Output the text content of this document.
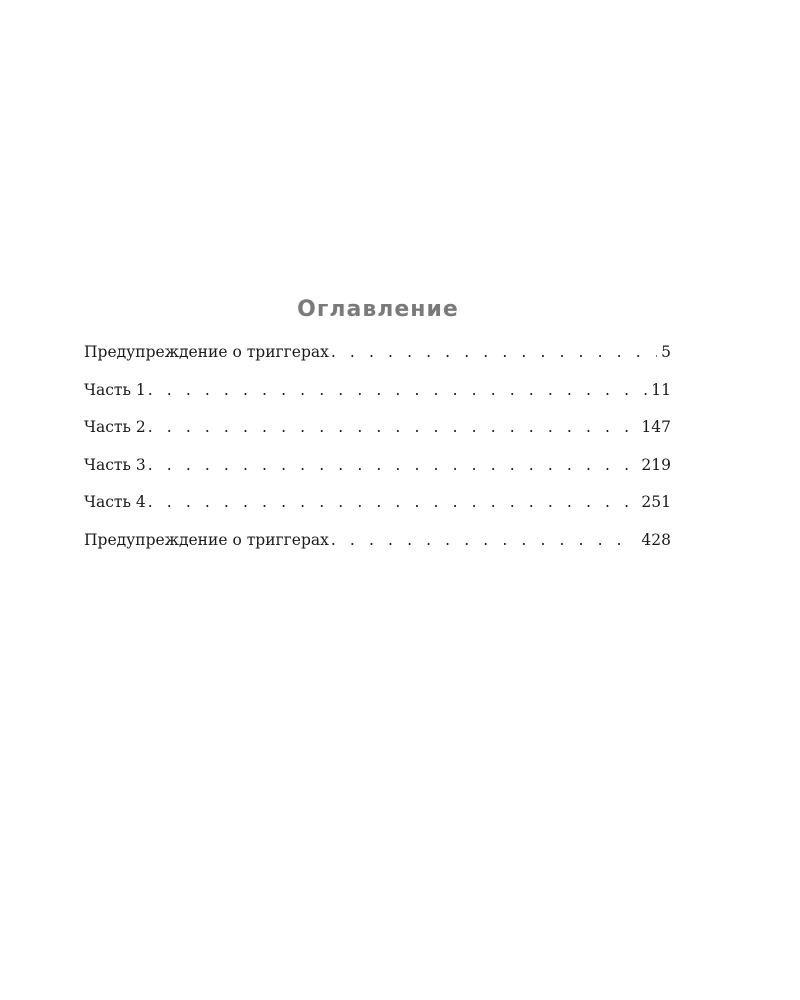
Оглавление
Предупреждение о триггерах . . .	5
Часть 1 . . .	11
Часть 2 . . .	147
Часть 3 . . .	219
Часть 4 . . .	251
Предупреждение о триггерах . . .	428
